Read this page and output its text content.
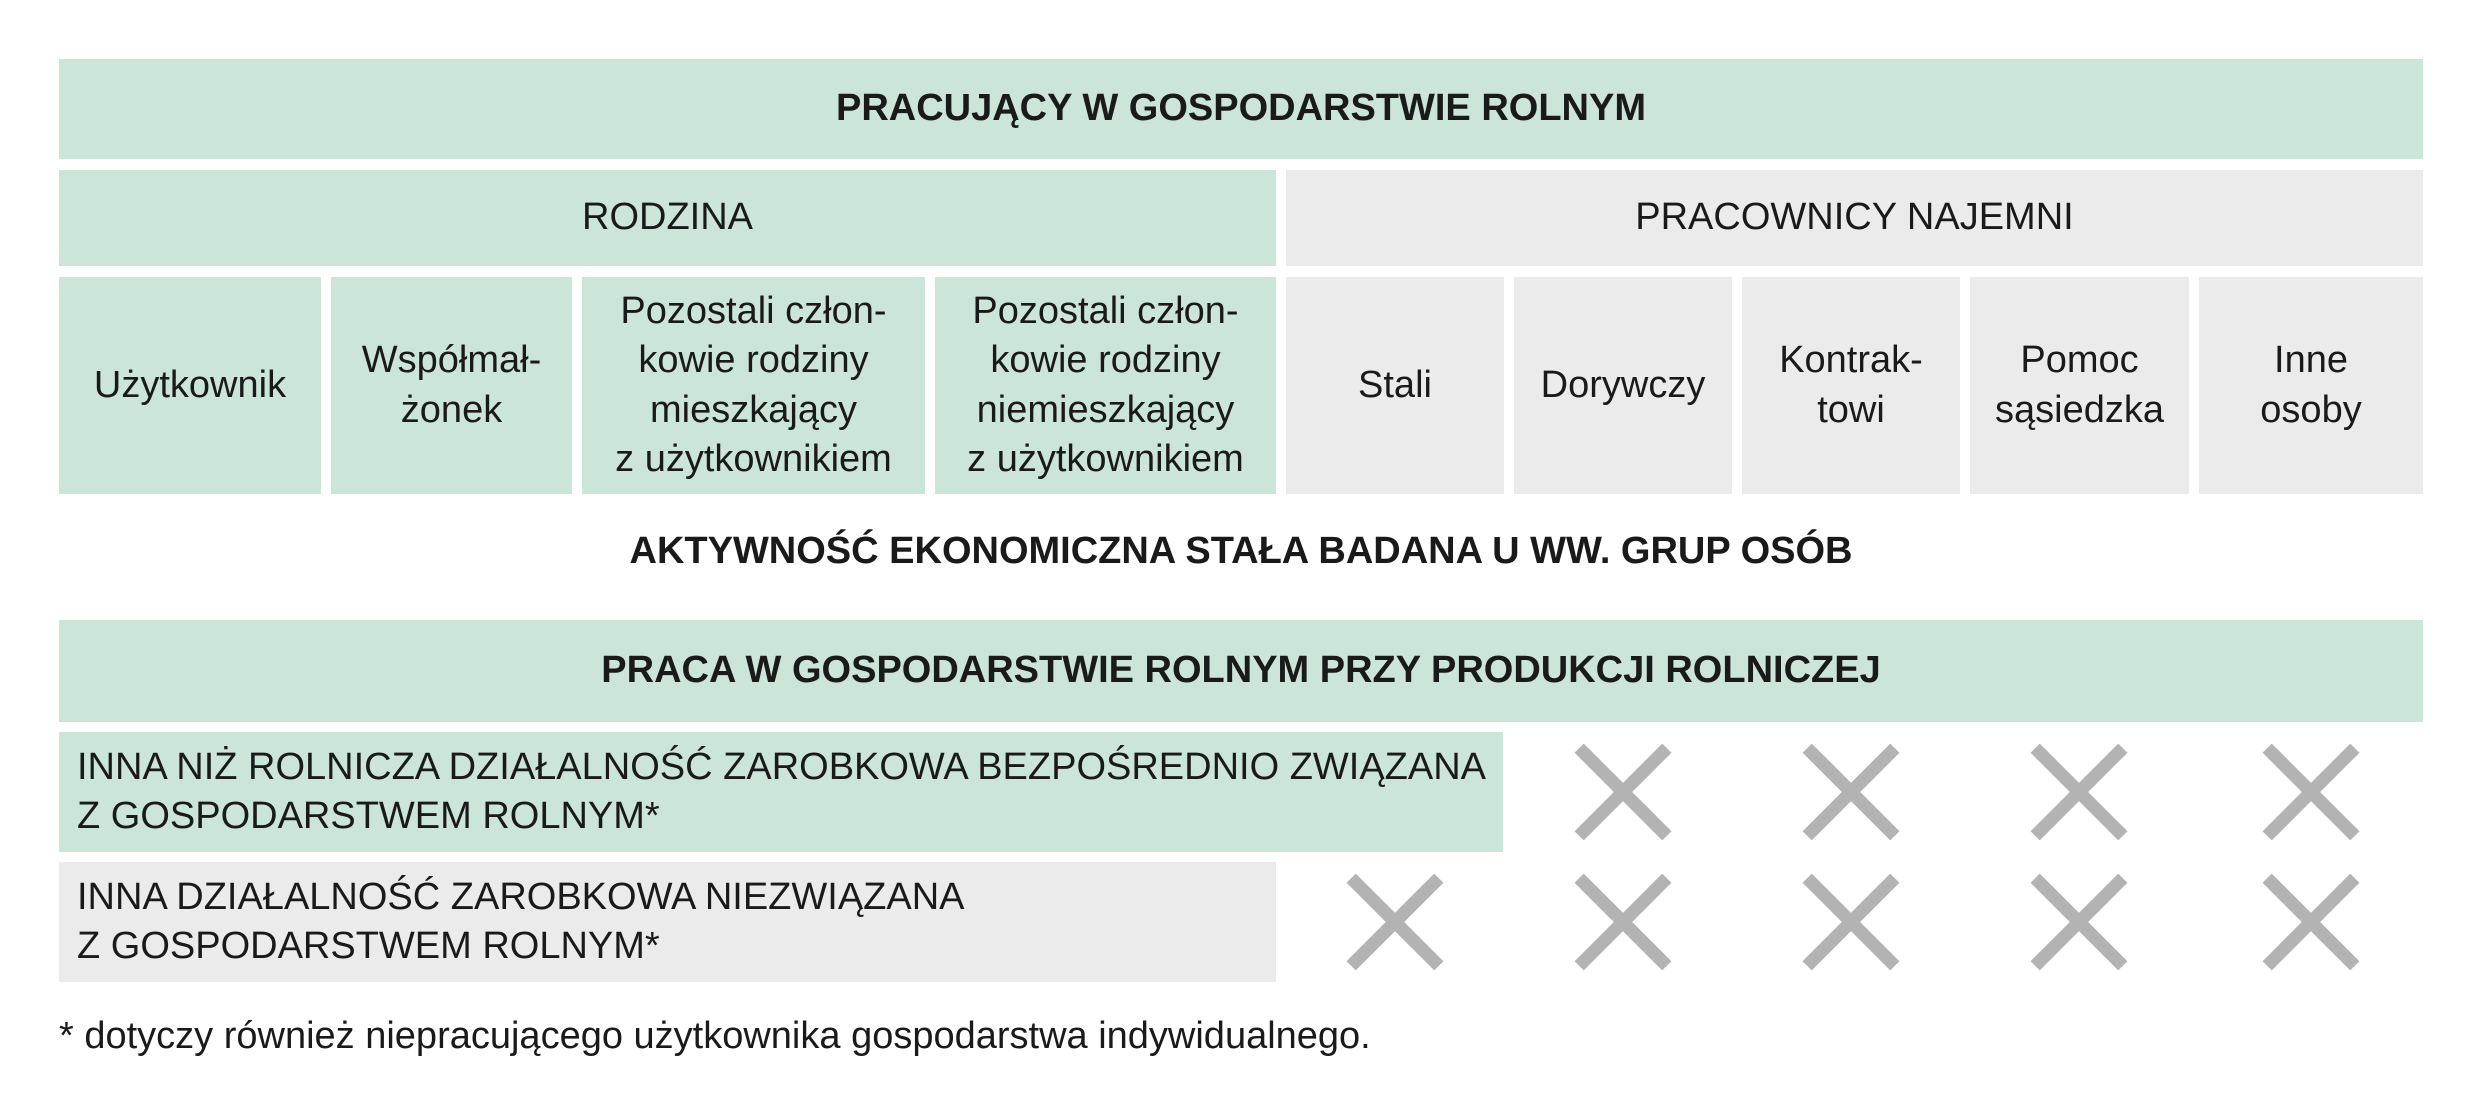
PRACUJĄCY W GOSPODARSTWIE ROLNYM
RODZINA	PRACOWNICY NAJEMNI
Użytkownik
Współmał-
żonek
Pozostali człon-
kowie rodziny
mieszkający
z użytkownikiem
Pozostali człon-
kowie rodziny
niemieszkający
z użytkownikiem
Stali	Dorywczy
Kontrak-
towi
Pomoc
sąsiedzka
Inne
osoby
AKTYWNOŚĆ EKONOMICZNA STAŁA BADANA U WW. GRUP OSÓB
PRACA W GOSPODARSTWIE ROLNYM PRZY PRODUKCJI ROLNICZEJ
INNA NIŻ ROLNICZA DZIAŁALNOŚĆ ZAROBKOWA BEZPOŚREDNIO ZWIĄZANA
Z GOSPODARSTWEM ROLNYM*
INNA DZIAŁALNOŚĆ ZAROBKOWA NIEZWIĄZANA
Z GOSPODARSTWEM ROLNYM*
* dotyczy również niepracującego użytkownika gospodarstwa indywidualnego.
